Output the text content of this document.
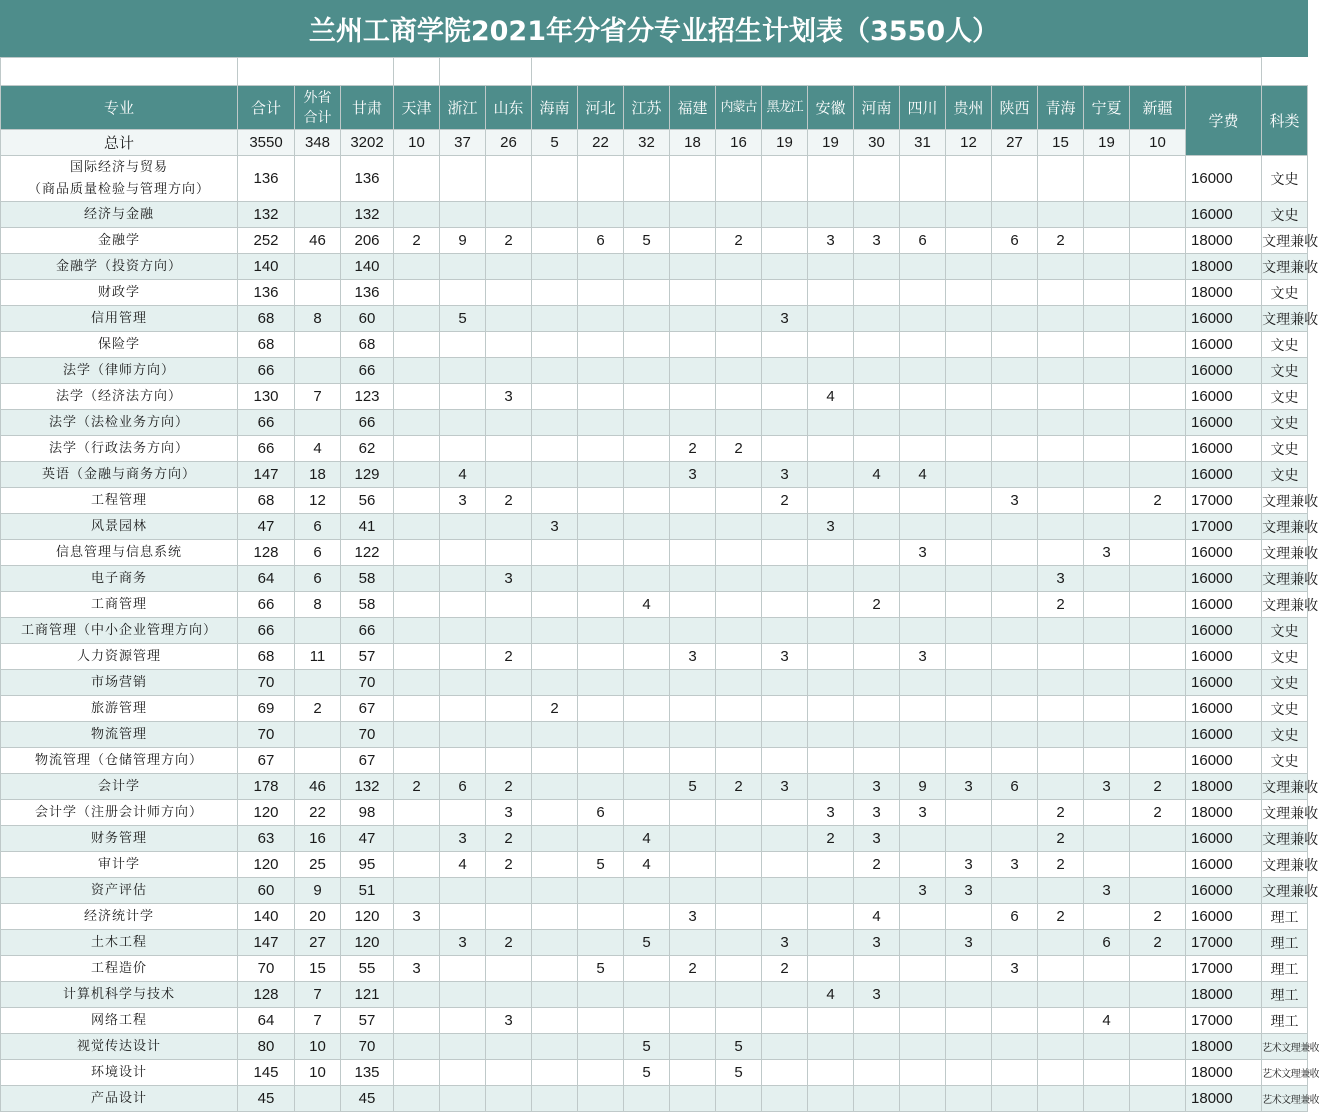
兰州工商学院2021年分省分专业招生计划表（3550人）

专业	合计	外省
合计	甘肃	天津	浙江	山东	海南	河北	江苏	福建	内蒙古	黑龙江	安徽	河南	四川	贵州	陕西	青海	宁夏	新疆	学费	科类
总计	3550	348	3202	10	37	26	5	22	32	18	16	19	19	30	31	12	27	15	19	10		
国际经济与贸易
（商品质量检验与管理方向）	136		136																		16000	文史
经济与金融	132		132																		16000	文史
金融学	252	46	206	2	9	2		6	5		2		3	3	6		6	2			18000	文理兼收
金融学（投资方向）	140		140																		18000	文理兼收
财政学	136		136																		18000	文史
信用管理	68	8	60		5							3									16000	文理兼收
保险学	68		68																		16000	文史
法学（律师方向）	66		66																		16000	文史
法学（经济法方向）	130	7	123			3							4								16000	文史
法学（法检业务方向）	66		66																		16000	文史
法学（行政法务方向）	66	4	62							2	2										16000	文史
英语（金融与商务方向）	147	18	129		4					3		3		4	4						16000	文史
工程管理	68	12	56		3	2						2					3			2	17000	文理兼收
风景园林	47	6	41				3						3								17000	文理兼收
信息管理与信息系统	128	6	122												3				3		16000	文理兼收
电子商务	64	6	58			3												3			16000	文理兼收
工商管理	66	8	58						4					2				2			16000	文理兼收
工商管理（中小企业管理方向）	66		66																		16000	文史
人力资源管理	68	11	57			2				3		3			3						16000	文史
市场营销	70		70																		16000	文史
旅游管理	69	2	67				2														16000	文史
物流管理	70		70																		16000	文史
物流管理（仓储管理方向）	67		67																		16000	文史
会计学	178	46	132	2	6	2				5	2	3		3	9	3	6		3	2	18000	文理兼收
会计学（注册会计师方向）	120	22	98			3		6					3	3	3			2		2	18000	文理兼收
财务管理	63	16	47		3	2			4				2	3				2			16000	文理兼收
审计学	120	25	95		4	2		5	4					2		3	3	2			16000	文理兼收
资产评估	60	9	51												3	3			3		16000	文理兼收
经济统计学	140	20	120	3						3				4			6	2		2	16000	理工
土木工程	147	27	120		3	2			5			3		3		3			6	2	17000	理工
工程造价	70	15	55	3				5		2		2					3				17000	理工
计算机科学与技术	128	7	121										4	3							18000	理工
网络工程	64	7	57			3													4		17000	理工
视觉传达设计	80	10	70						5		5										18000	艺术文理兼收
环境设计	145	10	135						5		5										18000	艺术文理兼收
产品设计	45		45																		18000	艺术文理兼收
